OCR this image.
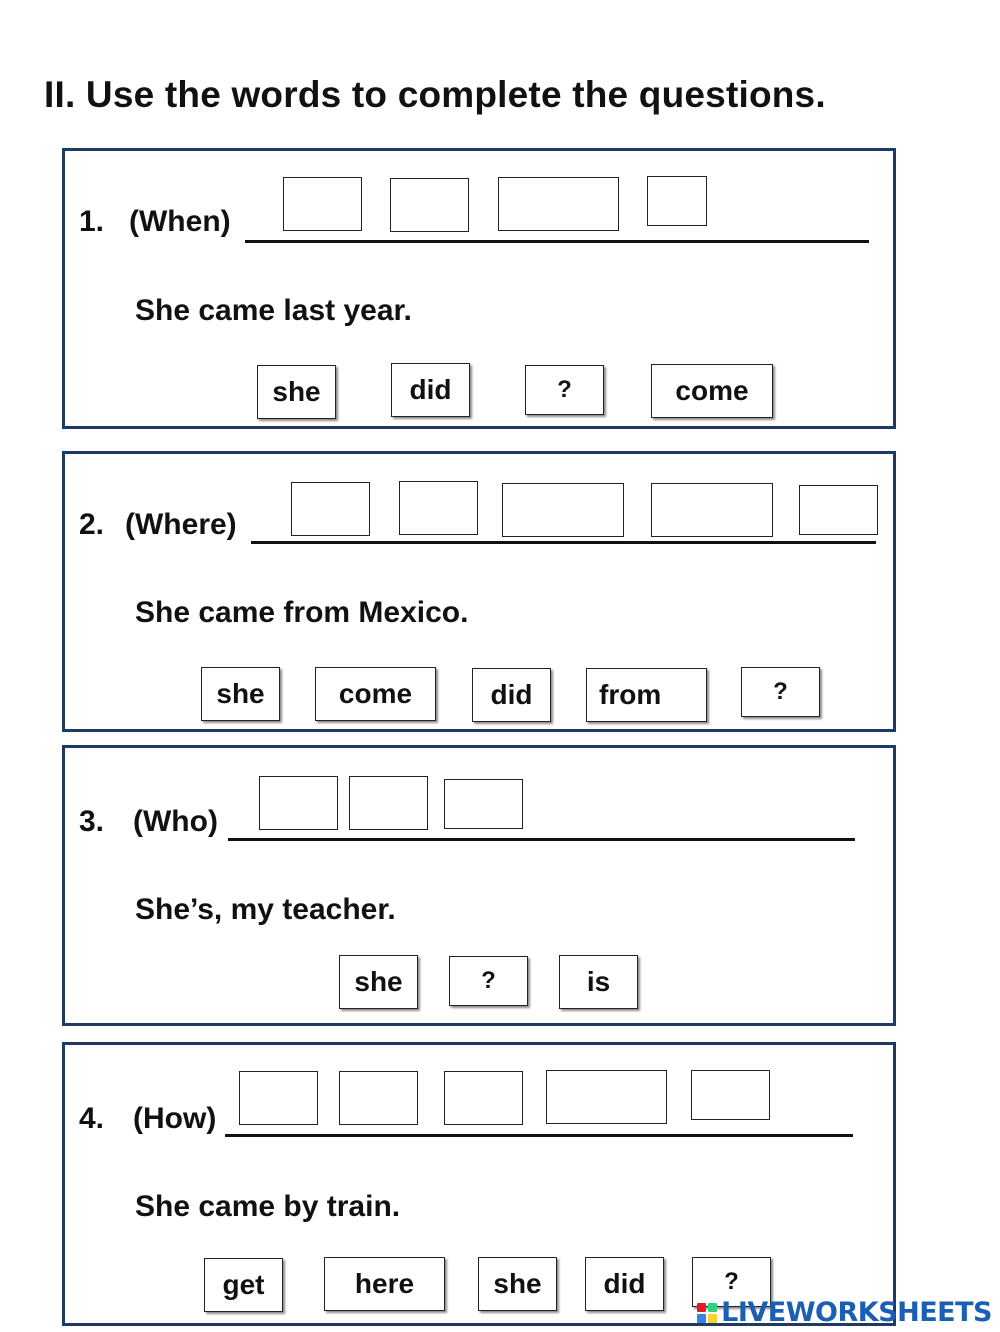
II. Use the words to complete the questions.
1. (When)
She came last year.
she	did	?	come
2. (Where)
She came from Mexico.
she	come	did	from	?
3. (Who)
She’s, my teacher.
she	?	is
4. (How)
She came by train.
get	here	she	did	?
LIVEWORKSHEETS
